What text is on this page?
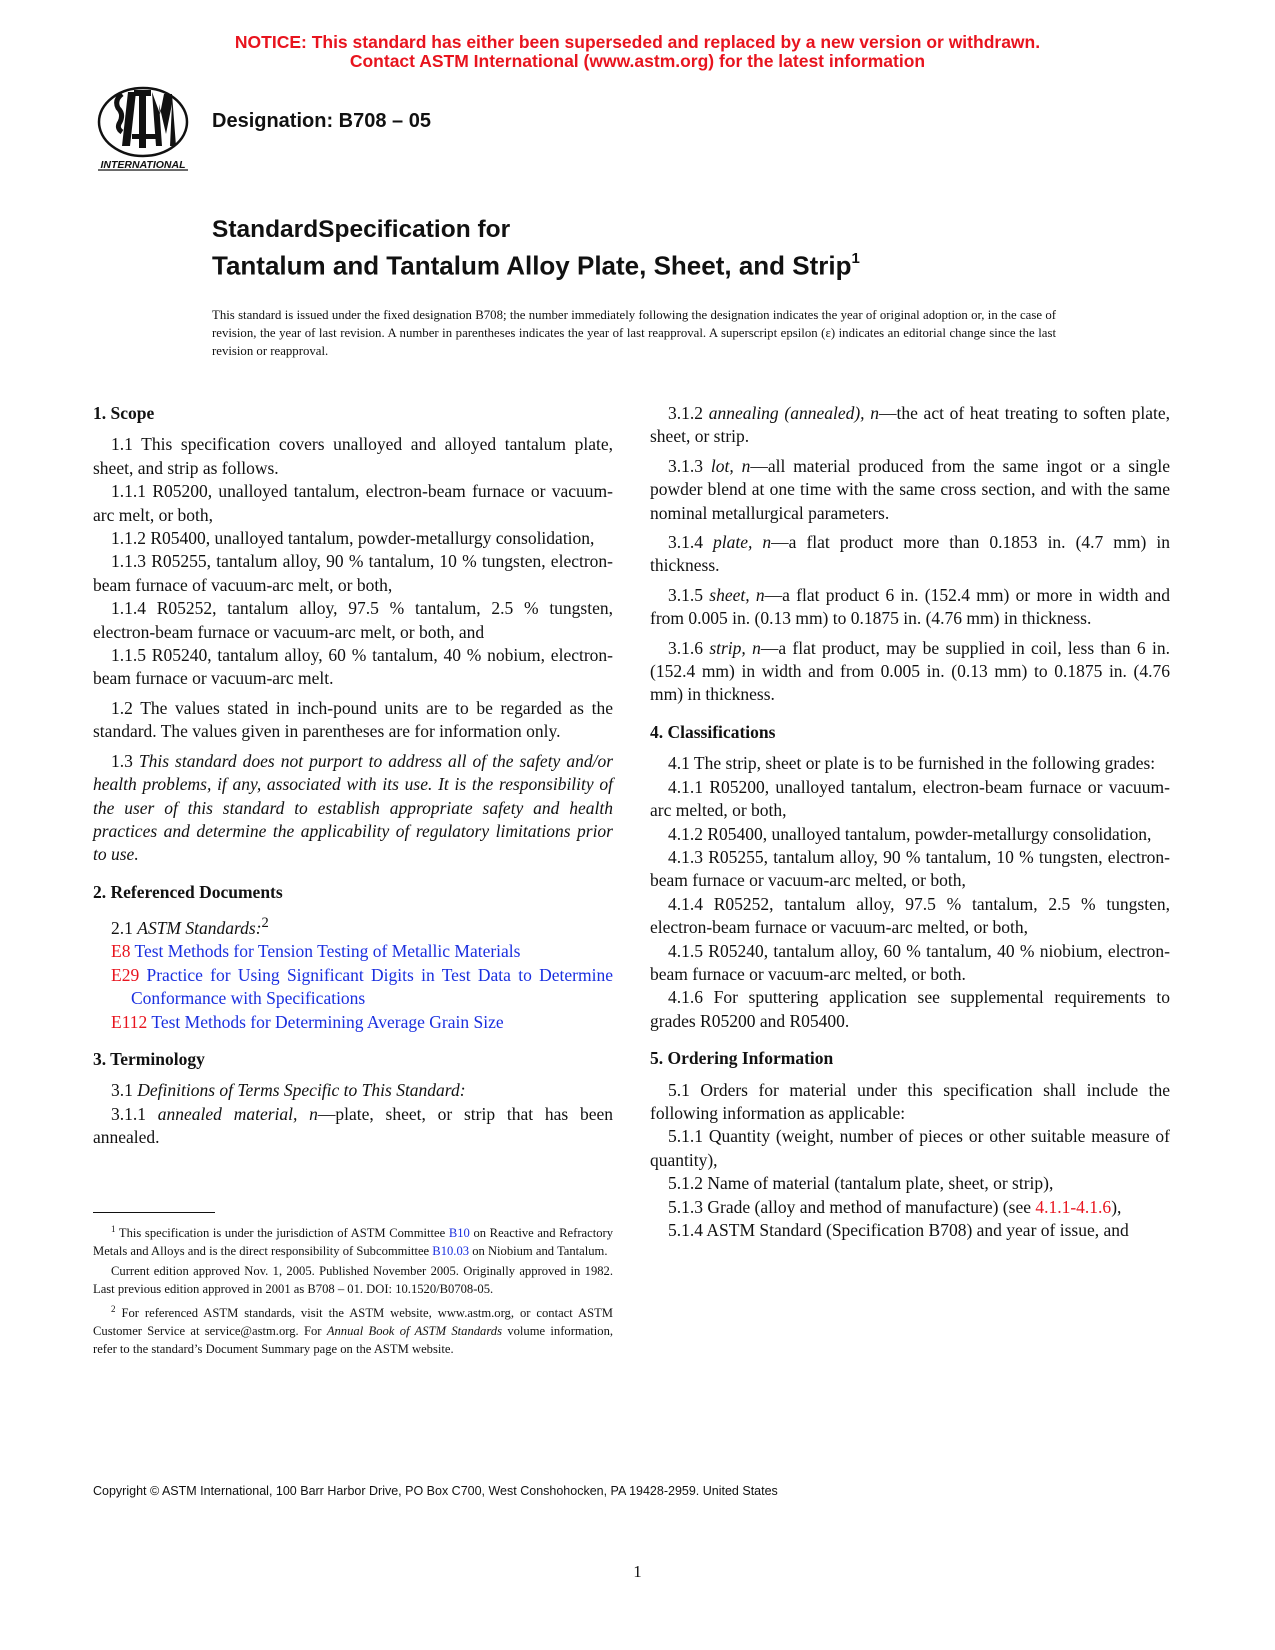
NOTICE: This standard has either been superseded and replaced by a new version or withdrawn.
Contact ASTM International (www.astm.org) for the latest information
INTERNATIONAL
Designation: B708 – 05
StandardSpecification for
Tantalum and Tantalum Alloy Plate, Sheet, and Strip$^1$
This standard is issued under the fixed designation B708; the number immediately following the designation indicates the year of original adoption or, in the case of revision, the year of last revision. A number in parentheses indicates the year of last reapproval. A superscript epsilon (ε) indicates an editorial change since the last revision or reapproval.
1. Scope

1.1 This specification covers unalloyed and alloyed tantalum plate, sheet, and strip as follows.

1.1.1 R05200, unalloyed tantalum, electron-beam furnace or vacuum-arc melt, or both,

1.1.2 R05400, unalloyed tantalum, powder-metallurgy consolidation,

1.1.3 R05255, tantalum alloy, 90 % tantalum, 10 % tungsten, electron-beam furnace of vacuum-arc melt, or both,

1.1.4 R05252, tantalum alloy, 97.5 % tantalum, 2.5 % tungsten, electron-beam furnace or vacuum-arc melt, or both, and

1.1.5 R05240, tantalum alloy, 60 % tantalum, 40 % nobium, electron-beam furnace or vacuum-arc melt.

1.2 The values stated in inch-pound units are to be regarded as the standard. The values given in parentheses are for information only.

1.3 This standard does not purport to address all of the safety and/or health problems, if any, associated with its use. It is the responsibility of the user of this standard to establish appropriate safety and health practices and determine the applicability of regulatory limitations prior to use.

2. Referenced Documents

2.1 ASTM Standards:$^2$

E8 Test Methods for Tension Testing of Metallic Materials
E29 Practice for Using Significant Digits in Test Data to Determine Conformance with Specifications
E112 Test Methods for Determining Average Grain Size
3. Terminology

3.1 Definitions of Terms Specific to This Standard:

3.1.1 annealed material, n—plate, sheet, or strip that has been annealed.

$^1$ This specification is under the jurisdiction of ASTM Committee B10 on Reactive and Refractory Metals and Alloys and is the direct responsibility of Subcommittee B10.03 on Niobium and Tantalum.

Current edition approved Nov. 1, 2005. Published November 2005. Originally approved in 1982. Last previous edition approved in 2001 as B708 – 01. DOI: 10.1520/B0708-05.

$^2$ For referenced ASTM standards, visit the ASTM website, www.astm.org, or contact ASTM Customer Service at service@astm.org. For Annual Book of ASTM Standards volume information, refer to the standard’s Document Summary page on the ASTM website.

3.1.2 annealing (annealed), n—the act of heat treating to soften plate, sheet, or strip.

3.1.3 lot, n—all material produced from the same ingot or a single powder blend at one time with the same cross section, and with the same nominal metallurgical parameters.

3.1.4 plate, n—a flat product more than 0.1853 in. (4.7 mm) in thickness.

3.1.5 sheet, n—a flat product 6 in. (152.4 mm) or more in width and from 0.005 in. (0.13 mm) to 0.1875 in. (4.76 mm) in thickness.

3.1.6 strip, n—a flat product, may be supplied in coil, less than 6 in. (152.4 mm) in width and from 0.005 in. (0.13 mm) to 0.1875 in. (4.76 mm) in thickness.

4. Classifications

4.1 The strip, sheet or plate is to be furnished in the following grades:

4.1.1 R05200, unalloyed tantalum, electron-beam furnace or vacuum-arc melted, or both,

4.1.2 R05400, unalloyed tantalum, powder-metallurgy consolidation,

4.1.3 R05255, tantalum alloy, 90 % tantalum, 10 % tungsten, electron-beam furnace or vacuum-arc melted, or both,

4.1.4 R05252, tantalum alloy, 97.5 % tantalum, 2.5 % tungsten, electron-beam furnace or vacuum-arc melted, or both,

4.1.5 R05240, tantalum alloy, 60 % tantalum, 40 % niobium, electron-beam furnace or vacuum-arc melted, or both.

4.1.6 For sputtering application see supplemental requirements to grades R05200 and R05400.

5. Ordering Information

5.1 Orders for material under this specification shall include the following information as applicable:

5.1.1 Quantity (weight, number of pieces or other suitable measure of quantity),

5.1.2 Name of material (tantalum plate, sheet, or strip),

5.1.3 Grade (alloy and method of manufacture) (see 4.1.1-4.1.6),

5.1.4 ASTM Standard (Specification B708) and year of issue, and

Copyright © ASTM International, 100 Barr Harbor Drive, PO Box C700, West Conshohocken, PA 19428-2959. United States
1
